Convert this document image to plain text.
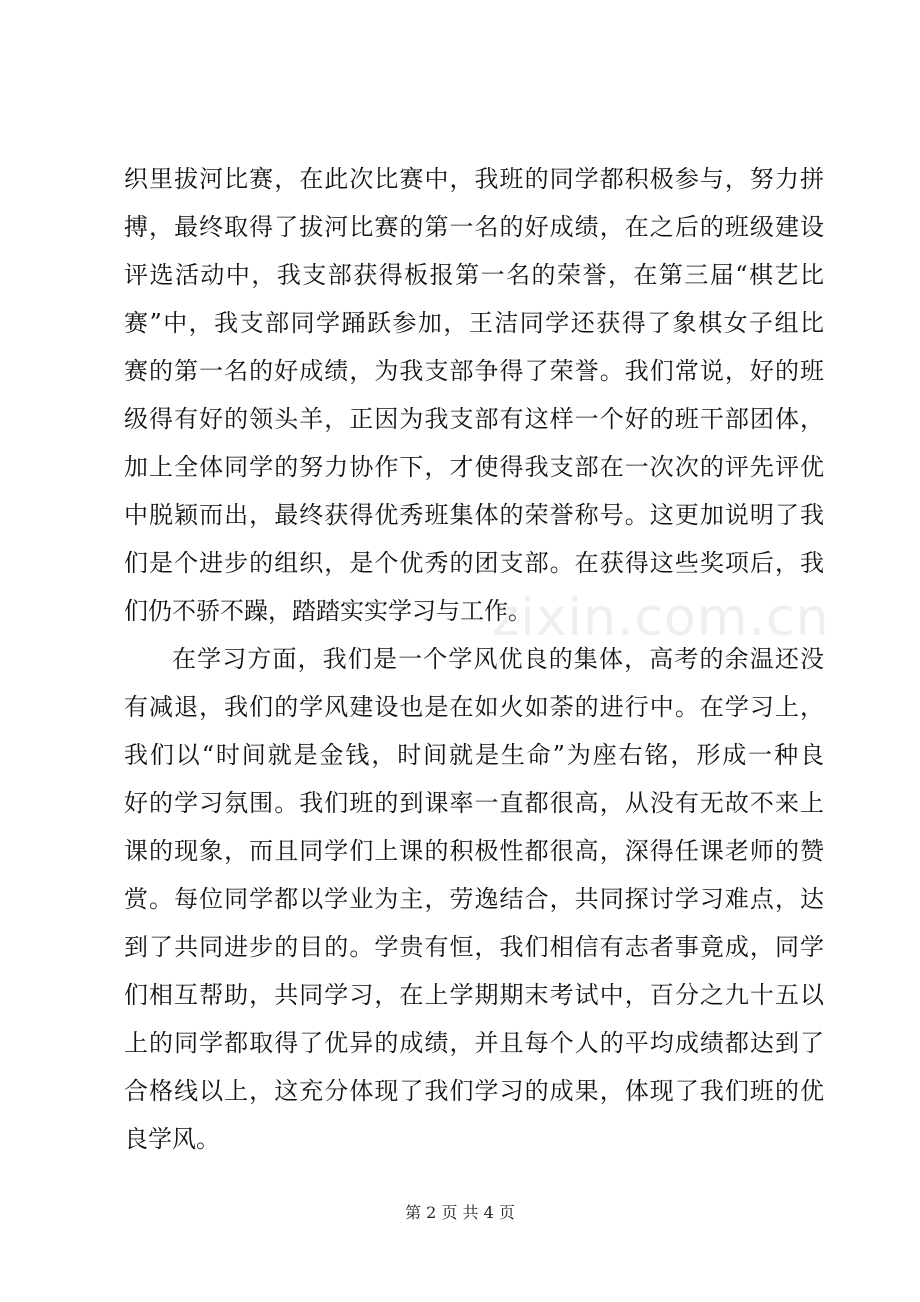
zixin.com.cn
织里拔河比赛，在此次比赛中，我班的同学都积极参与，努力拼
搏，最终取得了拔河比赛的第一名的好成绩，在之后的班级建设
评选活动中，我支部获得板报第一名的荣誉，在第三届“棋艺比
赛”中，我支部同学踊跃参加，王洁同学还获得了象棋女子组比
赛的第一名的好成绩，为我支部争得了荣誉。我们常说，好的班
级得有好的领头羊，正因为我支部有这样一个好的班干部团体，
加上全体同学的努力协作下，才使得我支部在一次次的评先评优
中脱颖而出，最终获得优秀班集体的荣誉称号。这更加说明了我
们是个进步的组织，是个优秀的团支部。在获得这些奖项后，我
们仍不骄不躁，踏踏实实学习与工作。
在学习方面，我们是一个学风优良的集体，高考的余温还没
有减退，我们的学风建设也是在如火如荼的进行中。在学习上，
我们以“时间就是金钱，时间就是生命”为座右铭，形成一种良
好的学习氛围。我们班的到课率一直都很高，从没有无故不来上
课的现象，而且同学们上课的积极性都很高，深得任课老师的赞
赏。每位同学都以学业为主，劳逸结合，共同探讨学习难点，达
到了共同进步的目的。学贵有恒，我们相信有志者事竟成，同学
们相互帮助，共同学习，在上学期期末考试中，百分之九十五以
上的同学都取得了优异的成绩，并且每个人的平均成绩都达到了
合格线以上，这充分体现了我们学习的成果，体现了我们班的优
良学风。
第 2 页 共 4 页
